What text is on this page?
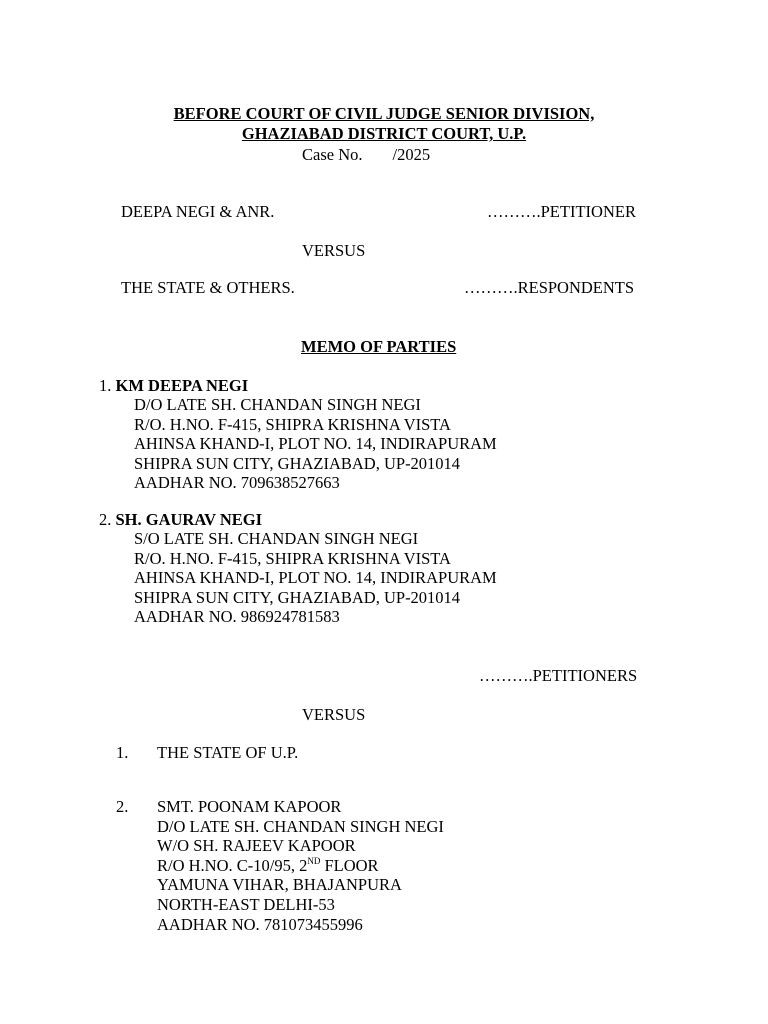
BEFORE COURT OF CIVIL JUDGE SENIOR DIVISION,
GHAZIABAD DISTRICT COURT, U.P.
Case No. /2025
DEEPA NEGI & ANR.	……….PETITIONER
VERSUS
THE STATE & OTHERS.	……….RESPONDENTS
MEMO OF PARTIES
1. KM DEEPA NEGI
D/O LATE SH. CHANDAN SINGH NEGI
R/O. H.NO. F-415, SHIPRA KRISHNA VISTA
AHINSA KHAND-I, PLOT NO. 14, INDIRAPURAM
SHIPRA SUN CITY, GHAZIABAD, UP-201014
AADHAR NO. 709638527663
2. SH. GAURAV NEGI
S/O LATE SH. CHANDAN SINGH NEGI
R/O. H.NO. F-415, SHIPRA KRISHNA VISTA
AHINSA KHAND-I, PLOT NO. 14, INDIRAPURAM
SHIPRA SUN CITY, GHAZIABAD, UP-201014
AADHAR NO. 986924781583
……….PETITIONERS
VERSUS
1. THE STATE OF U.P.
2. SMT. POONAM KAPOOR
D/O LATE SH. CHANDAN SINGH NEGI
W/O SH. RAJEEV KAPOOR
R/O H.NO. C-10/95, 2ND FLOOR
YAMUNA VIHAR, BHAJANPURA
NORTH-EAST DELHI-53
AADHAR NO. 781073455996
